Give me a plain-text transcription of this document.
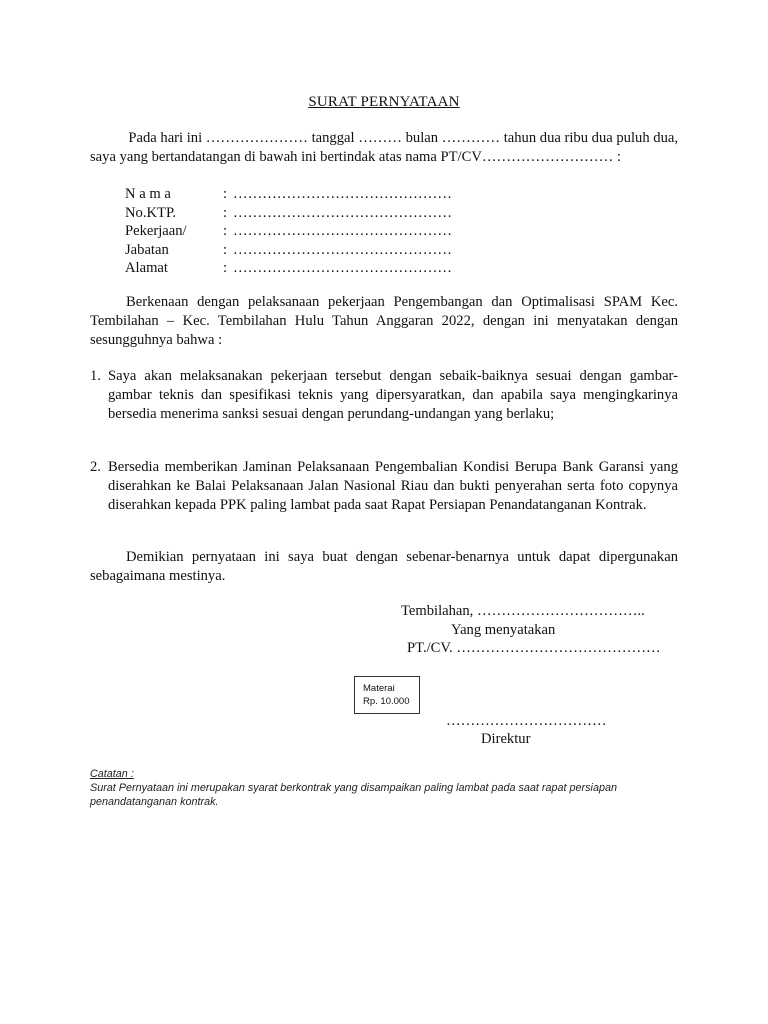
SURAT PERNYATAAN
Pada hari ini ………………… tanggal ……… bulan ………… tahun dua ribu dua puluh dua,
saya yang bertandatangan di bawah ini bertindak atas nama PT/CV……………………… :
N a m a	: ………………………………………
No.KTP.	: ………………………………………
Pekerjaan/	: ………………………………………
Jabatan	: ………………………………………
Alamat	: ………………………………………
Berkenaan dengan pelaksanaan pekerjaan Pengembangan dan Optimalisasi SPAM Kec. Tembilahan – Kec. Tembilahan Hulu Tahun Anggaran 2022, dengan ini menyatakan dengan sesungguhnya bahwa :
1. Saya akan melaksanakan pekerjaan tersebut dengan sebaik-baiknya sesuai dengan gambar-gambar teknis dan spesifikasi teknis yang dipersyaratkan, dan apabila saya mengingkarinya bersedia menerima sanksi sesuai dengan perundang-undangan yang berlaku;
2. Bersedia memberikan Jaminan Pelaksanaan Pengembalian Kondisi Berupa Bank Garansi yang diserahkan ke Balai Pelaksanaan Jalan Nasional Riau dan bukti penyerahan serta foto copynya diserahkan kepada PPK paling lambat pada saat Rapat Persiapan Penandatanganan Kontrak.
Demikian pernyataan ini saya buat dengan sebenar-benarnya untuk dapat dipergunakan sebagaimana mestinya.
Tembilahan, ……………………………..
Yang menyatakan
PT./CV. ……………………………………
Materai
Rp. 10.000
……………………………
Direktur
Catatan :
Surat Pernyataan ini merupakan syarat berkontrak yang disampaikan paling lambat pada saat rapat persiapan penandatanganan kontrak.
